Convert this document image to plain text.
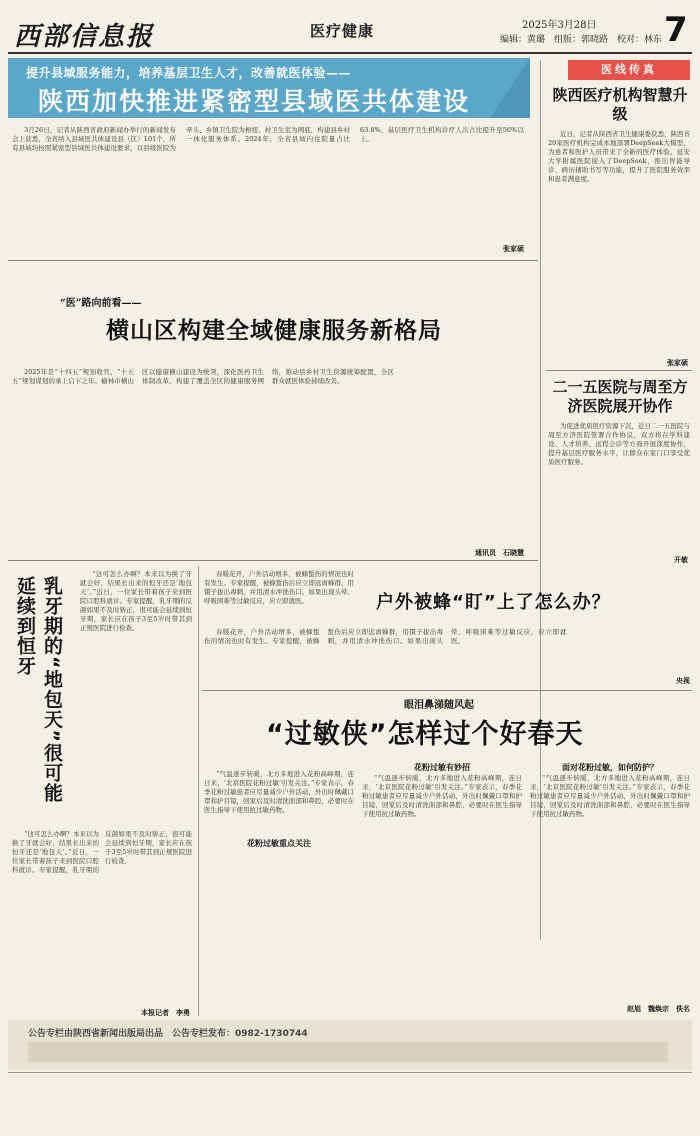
西部信息报	医疗健康	2025年3月28日
编辑：黄璐　组版：郭晓路　校对：林东 7
提升县域服务能力，培养基层卫生人才，改善就医体验——
陕西加快推进紧密型县域医共体建设

3月26日，记者从陕西省政府新闻办举行的新闻发布会上获悉，全省纳入县域医共体建设县（区）101个，所有县域均按照紧密型县域医共体建设要求，以县级医院为牵头、乡镇卫生院为枢纽、村卫生室为网底，构建县乡村一体化服务体系。2024年，全省县域内住院量占比63.8%，基层医疗卫生机构诊疗人次占比提升至56%以上。

张家硕
医线传真
陕西医疗机构智慧升级

近日，记者从陕西省卫生健康委获悉，陕西省20家医疗机构完成本地部署DeepSeek大模型，为患者和医护人员带来了全新的医疗体验。延安大学附属医院接入了DeepSeek，推出智能导诊、病历辅助书写等功能，提升了医院服务效率和患者满意度。

张家硕
二一五医院与周至方济医院展开协作

为促进优质医疗资源下沉，近日二一五医院与周至方济医院签署合作协议，双方将在学科建设、人才培养、远程会诊等方面开展深度协作，提升基层医疗服务水平，让群众在家门口享受优质医疗服务。

开敏
“医”路向前看——
横山区构建全域健康服务新格局

2025年是“十四五”规划收官、“十五五”规划谋划的承上启下之年。榆林市横山区以健康横山建设为统领，深化医药卫生体制改革，构建了覆盖全区的健康服务网络，推动县乡村卫生资源统筹配置，全区群众就医体验持续改善。

通讯员　石晓慧
乳牙期的“地包天”很可能延续到恒牙

“这可怎么办啊？本来以为换了牙就会好，结果长出来的恒牙还是‘地包天’。”近日，一位家长带着孩子来到医院口腔科就诊。专家提醒，乳牙期的反颌如果不及时矫正，很可能会延续到恒牙期，家长应在孩子3至5岁时带其到正规医院进行检查。

“这可怎么办啊？本来以为换了牙就会好，结果长出来的恒牙还是‘地包天’。”近日，一位家长带着孩子来到医院口腔科就诊。专家提醒，乳牙期的反颌如果不及时矫正，很可能会延续到恒牙期，家长应在孩子3至5岁时带其到正规医院进行检查。

本报记者　李勇

春暖花开，户外活动增多，被蜂蜇伤的情况也时有发生。专家提醒，被蜂蜇伤后应立即远离蜂群，用镊子拔出毒刺，并用清水冲洗伤口。如果出现头晕、呼吸困难等过敏反应，应立即就医。	户外被蜂“盯”上了怎么办？

春暖花开，户外活动增多，被蜂蜇伤的情况也时有发生。专家提醒，被蜂蜇伤后应立即远离蜂群，用镊子拔出毒刺，并用清水冲洗伤口。如果出现头晕、呼吸困难等过敏反应，应立即就医。

央视
眼泪鼻涕随风起
“过敏侠”怎样过个好春天

“气温逐步转暖，北方多地进入花粉高峰期，连日来，‘北京医院花粉过敏’引发关注。”专家表示，春季花粉过敏患者应尽量减少户外活动，外出时佩戴口罩和护目镜，回家后及时清洗面部和鼻腔，必要时在医生指导下使用抗过敏药物。

花粉过敏重点关注
花粉过敏有妙招

“气温逐步转暖，北方多地进入花粉高峰期，连日来，‘北京医院花粉过敏’引发关注。”专家表示，春季花粉过敏患者应尽量减少户外活动，外出时佩戴口罩和护目镜，回家后及时清洗面部和鼻腔，必要时在医生指导下使用抗过敏药物。

面对花粉过敏，如何防护？

“气温逐步转暖，北方多地进入花粉高峰期，连日来，‘北京医院花粉过敏’引发关注。”专家表示，春季花粉过敏患者应尽量减少户外活动，外出时佩戴口罩和护目镜，回家后及时清洗面部和鼻腔，必要时在医生指导下使用抗过敏药物。

赵旭　魏焕宗　佚名
公告专栏由陕西省新闻出版局出品　公告专栏发布：0982-1730744
